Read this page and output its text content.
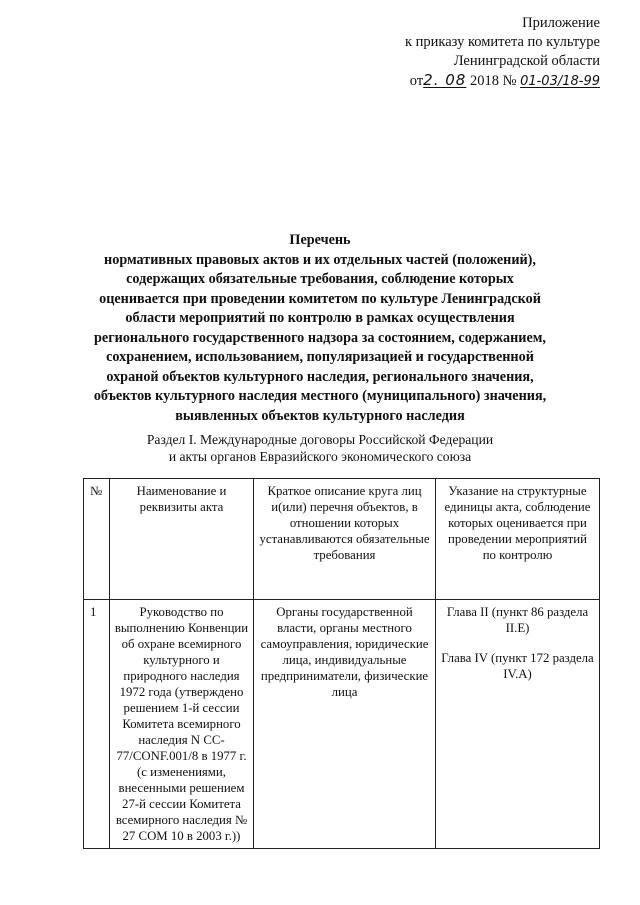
Приложение
к приказу комитета по культуре
Ленинградской области
от2. 08 2018 № 01-03/18-99
Перечень
нормативных правовых актов и их отдельных частей (положений),
содержащих обязательные требования, соблюдение которых
оценивается при проведении комитетом по культуре Ленинградской
области мероприятий по контролю в рамках осуществления
регионального государственного надзора за состоянием, содержанием,
сохранением, использованием, популяризацией и государственной
охраной объектов культурного наследия, регионального значения,
объектов культурного наследия местного (муниципального) значения,
выявленных объектов культурного наследия
Раздел I. Международные договоры Российской Федерации
и акты органов Евразийского экономического союза
№	Наименование и реквизиты акта	Краткое описание круга лиц и(или) перечня объектов, в отношении которых устанавливаются обязательные требования	Указание на структурные единицы акта, соблюдение которых оценивается при проведении мероприятий по контролю
1	Руководство по выполнению Конвенции об охране всемирного культурного и природного наследия 1972 года (утверждено решением 1-й сессии Комитета всемирного наследия N CC-77/CONF.001/8 в 1977 г. (с изменениями, внесенными решением 27-й сессии Комитета всемирного наследия № 27 COM 10 в 2003 г.))	Органы государственной власти, органы местного самоуправления, юридические лица, индивидуальные предприниматели, физические лица	Глава II (пункт 86 раздела II.E)
Глава IV (пункт 172 раздела IV.A)
